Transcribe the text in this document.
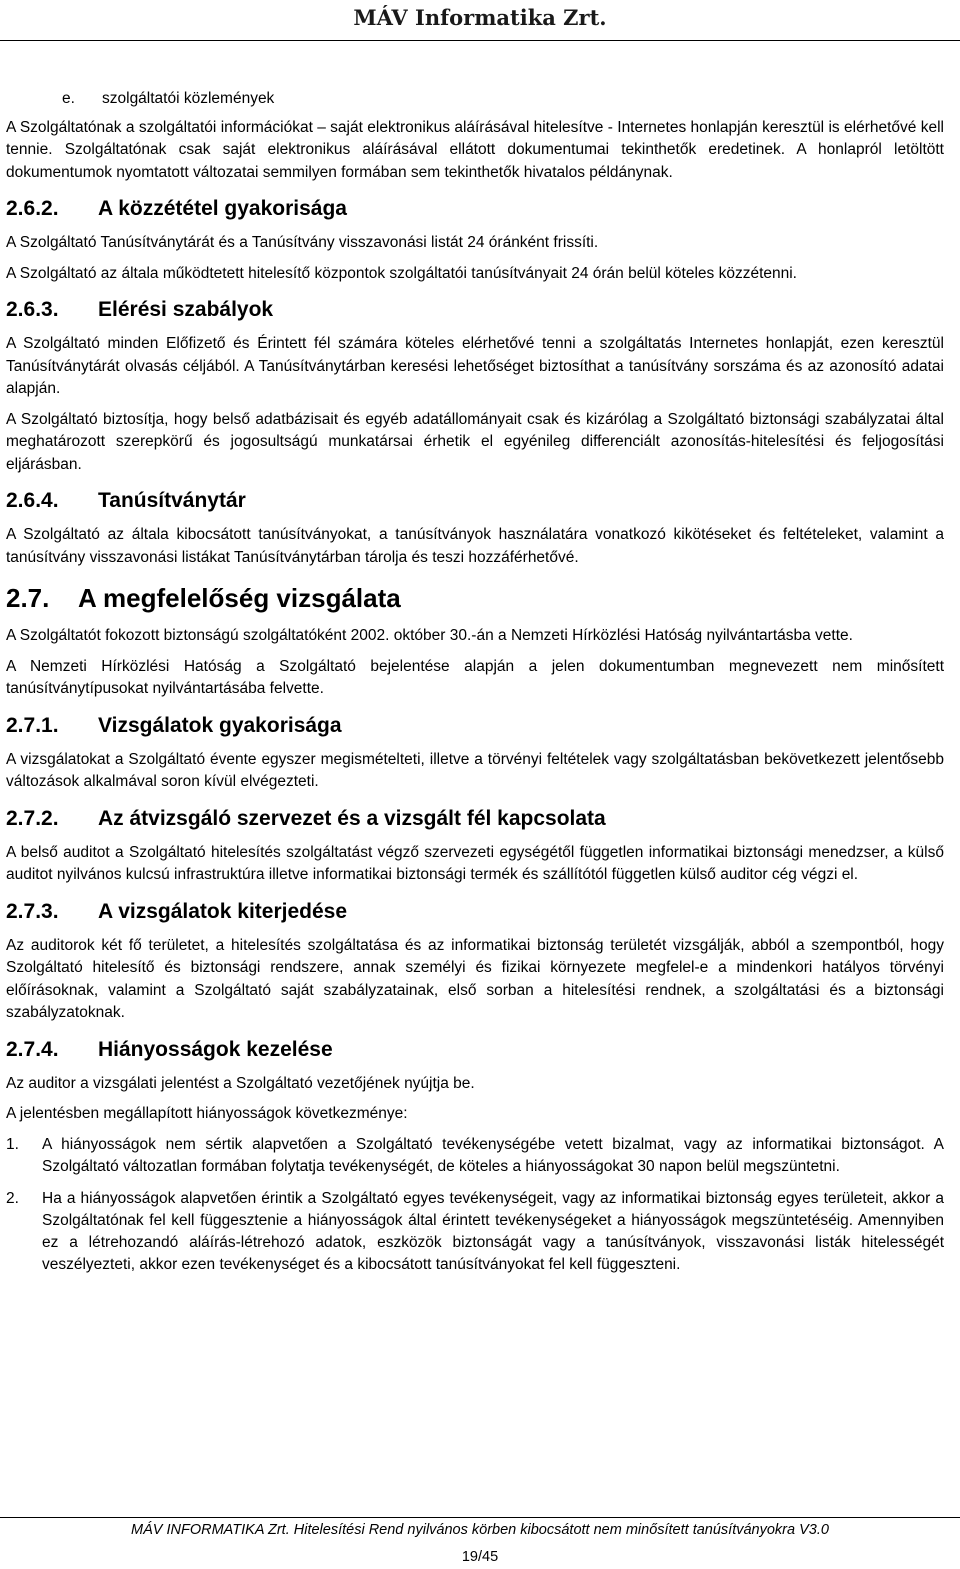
MÁV Informatika Zrt.

e. szolgáltatói közlemények

A Szolgáltatónak a szolgáltatói információkat – saját elektronikus aláírásával hitelesítve - Internetes honlapján keresztül is elérhetővé kell tennie. Szolgáltatónak csak saját elektronikus aláírásával ellátott dokumentumai tekinthetők eredetinek. A honlapról letöltött dokumentumok nyomtatott változatai semmilyen formában sem tekinthetők hivatalos példánynak.

2.6.2. A közzététel gyakorisága

A Szolgáltató Tanúsítványtárát és a Tanúsítvány visszavonási listát 24 óránként frissíti.

A Szolgáltató az általa működtetett hitelesítő központok szolgáltatói tanúsítványait 24 órán belül köteles közzétenni.

2.6.3. Elérési szabályok

A Szolgáltató minden Előfizető és Érintett fél számára köteles elérhetővé tenni a szolgáltatás Internetes honlapját, ezen keresztül Tanúsítványtárát olvasás céljából. A Tanúsítványtárban keresési lehetőséget biztosíthat a tanúsítvány sorszáma és az azonosító adatai alapján.

A Szolgáltató biztosítja, hogy belső adatbázisait és egyéb adatállományait csak és kizárólag a Szolgáltató biztonsági szabályzatai által meghatározott szerepkörű és jogosultságú munkatársai érhetik el egyénileg differenciált azonosítás-hitelesítési és feljogosítási eljárásban.

2.6.4. Tanúsítványtár

A Szolgáltató az általa kibocsátott tanúsítványokat, a tanúsítványok használatára vonatkozó kikötéseket és feltételeket, valamint a tanúsítvány visszavonási listákat Tanúsítványtárban tárolja és teszi hozzáférhetővé.

2.7. A megfelelőség vizsgálata

A Szolgáltatót fokozott biztonságú szolgáltatóként 2002. október 30.-án a Nemzeti Hírközlési Hatóság nyilvántartásba vette.

A Nemzeti Hírközlési Hatóság a Szolgáltató bejelentése alapján a jelen dokumentumban megnevezett nem minősített tanúsítványtípusokat nyilvántartásába felvette.

2.7.1. Vizsgálatok gyakorisága

A vizsgálatokat a Szolgáltató évente egyszer megismételteti, illetve a törvényi feltételek vagy szolgáltatásban bekövetkezett jelentősebb változások alkalmával soron kívül elvégezteti.

2.7.2. Az átvizsgáló szervezet és a vizsgált fél kapcsolata

A belső auditot a Szolgáltató hitelesítés szolgáltatást végző szervezeti egységétől független informatikai biztonsági menedzser, a külső auditot nyilvános kulcsú infrastruktúra illetve informatikai biztonsági termék és szállítótól független külső auditor cég végzi el.

2.7.3. A vizsgálatok kiterjedése

Az auditorok két fő területet, a hitelesítés szolgáltatása és az informatikai biztonság területét vizsgálják, abból a szempontból, hogy Szolgáltató hitelesítő és biztonsági rendszere, annak személyi és fizikai környezete megfelel-e a mindenkori hatályos törvényi előírásoknak, valamint a Szolgáltató saját szabályzatainak, első sorban a hitelesítési rendnek, a szolgáltatási és a biztonsági szabályzatoknak.

2.7.4. Hiányosságok kezelése

Az auditor a vizsgálati jelentést a Szolgáltató vezetőjének nyújtja be.

A jelentésben megállapított hiányosságok következménye:

1. A hiányosságok nem sértik alapvetően a Szolgáltató tevékenységébe vetett bizalmat, vagy az informatikai biztonságot. A Szolgáltató változatlan formában folytatja tevékenységét, de köteles a hiányosságokat 30 napon belül megszüntetni.
2. Ha a hiányosságok alapvetően érintik a Szolgáltató egyes tevékenységeit, vagy az informatikai biztonság egyes területeit, akkor a Szolgáltatónak fel kell függesztenie a hiányosságok által érintett tevékenységeket a hiányosságok megszüntetéséig. Amennyiben ez a létrehozandó aláírás-létrehozó adatok, eszközök biztonságát vagy a tanúsítványok, visszavonási listák hitelességét veszélyezteti, akkor ezen tevékenységet és a kibocsátott tanúsítványokat fel kell függeszteni.
MÁV INFORMATIKA Zrt. Hitelesítési Rend nyilvános körben kibocsátott nem minősített tanúsítványokra V3.0
19/45
